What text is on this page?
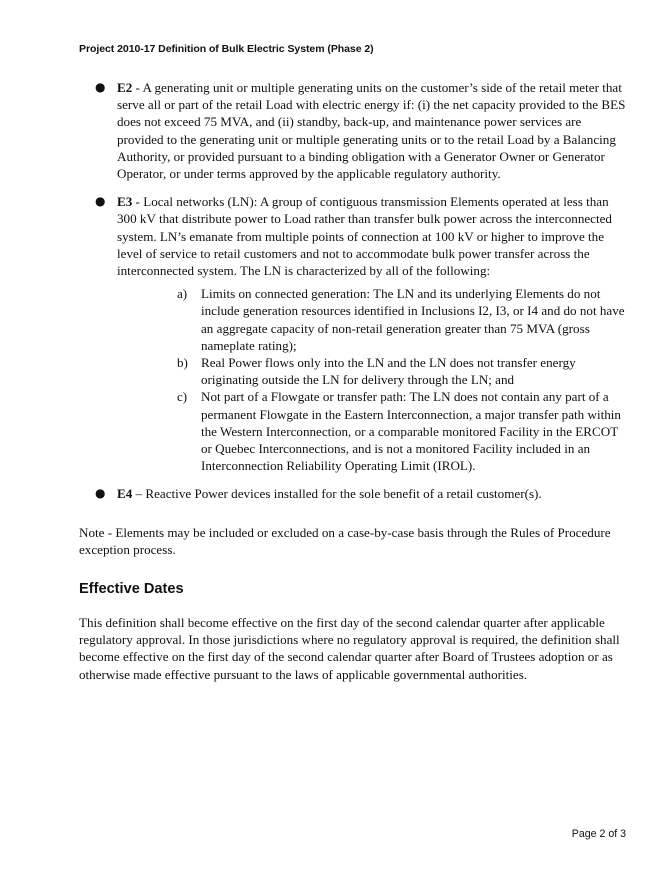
Project 2010-17 Definition of Bulk Electric System (Phase 2)
● E2 - A generating unit or multiple generating units on the customer’s side of the retail meter that serve all or part of the retail Load with electric energy if: (i) the net capacity provided to the BES does not exceed 75 MVA, and (ii) standby, back-up, and maintenance power services are provided to the generating unit or multiple generating units or to the retail Load by a Balancing Authority, or provided pursuant to a binding obligation with a Generator Owner or Generator Operator, or under terms approved by the applicable regulatory authority.
● E3 - Local networks (LN): A group of contiguous transmission Elements operated at less than 300 kV that distribute power to Load rather than transfer bulk power across the interconnected system. LN’s emanate from multiple points of connection at 100 kV or higher to improve the level of service to retail customers and not to accommodate bulk power transfer across the interconnected system. The LN is characterized by all of the following:
a) Limits on connected generation: The LN and its underlying Elements do not include generation resources identified in Inclusions I2, I3, or I4 and do not have an aggregate capacity of non-retail generation greater than 75 MVA (gross nameplate rating);
b) Real Power flows only into the LN and the LN does not transfer energy originating outside the LN for delivery through the LN; and
c) Not part of a Flowgate or transfer path: The LN does not contain any part of a permanent Flowgate in the Eastern Interconnection, a major transfer path within the Western Interconnection, or a comparable monitored Facility in the ERCOT or Quebec Interconnections, and is not a monitored Facility included in an Interconnection Reliability Operating Limit (IROL).
● E4 – Reactive Power devices installed for the sole benefit of a retail customer(s).
Note - Elements may be included or excluded on a case-by-case basis through the Rules of Procedure exception process.
Effective Dates
This definition shall become effective on the first day of the second calendar quarter after applicable regulatory approval. In those jurisdictions where no regulatory approval is required, the definition shall become effective on the first day of the second calendar quarter after Board of Trustees adoption or as otherwise made effective pursuant to the laws of applicable governmental authorities.
Page 2 of 3
